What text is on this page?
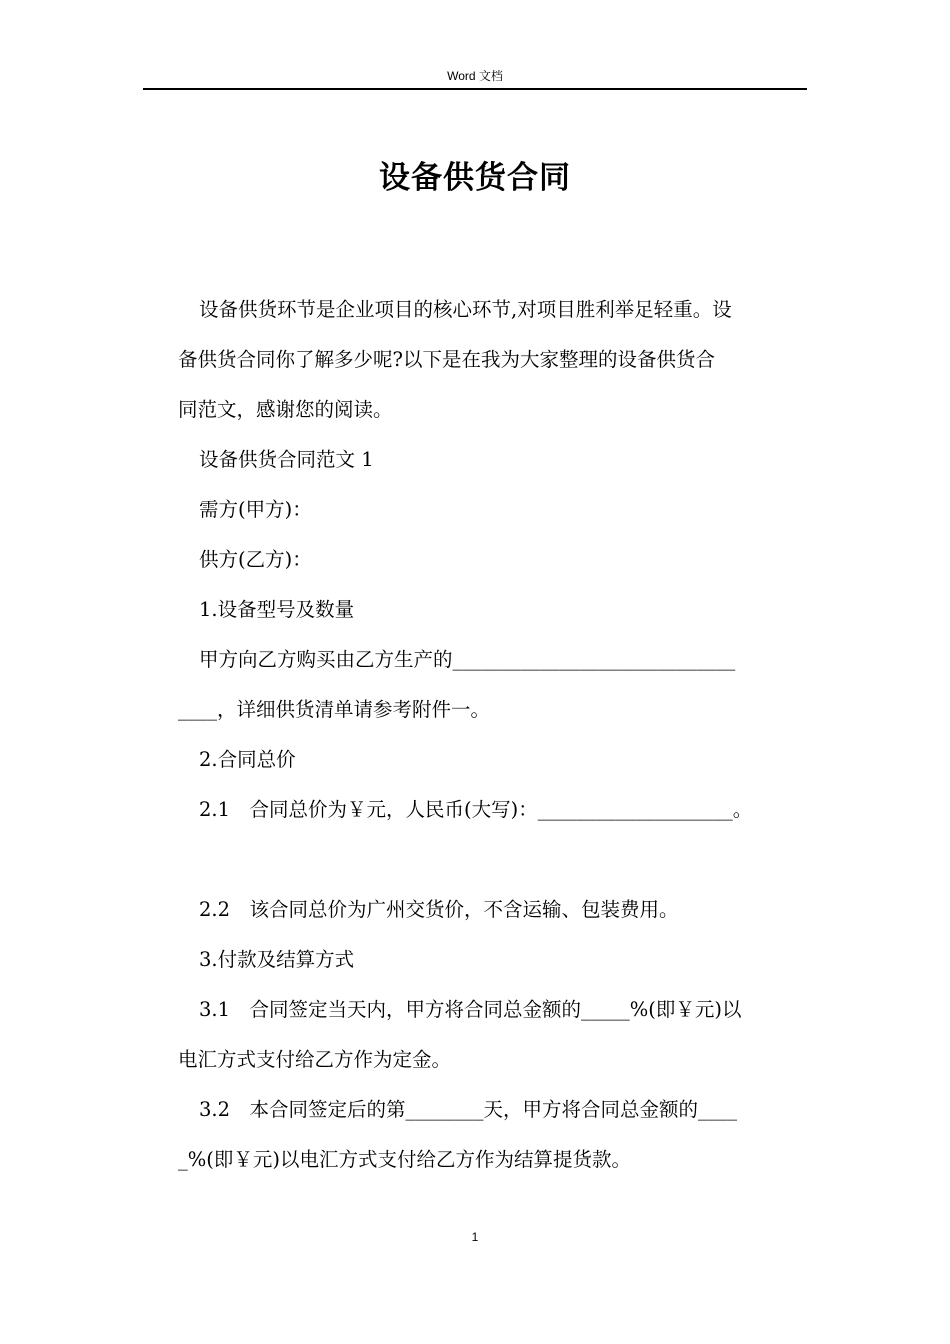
Word 文档
设备供货合同

设备供货环节是企业项目的核心环节,对项目胜利举足轻重。设

备供货合同你了解多少呢?以下是在我为大家整理的设备供货合

同范文，感谢您的阅读。

设备供货合同范文 1

需方(甲方)：

供方(乙方)：

1.设备型号及数量

甲方向乙方购买由乙方生产的_____________________________

____，详细供货清单请参考附件一。

2.合同总价

2.1　合同总价为￥元，人民币(大写)：____________________。

2.2　该合同总价为广州交货价，不含运输、包装费用。

3.付款及结算方式

3.1　合同签定当天内，甲方将合同总金额的_____%(即￥元)以

电汇方式支付给乙方作为定金。

3.2　本合同签定后的第________天，甲方将合同总金额的____

_%(即￥元)以电汇方式支付给乙方作为结算提货款。

1
